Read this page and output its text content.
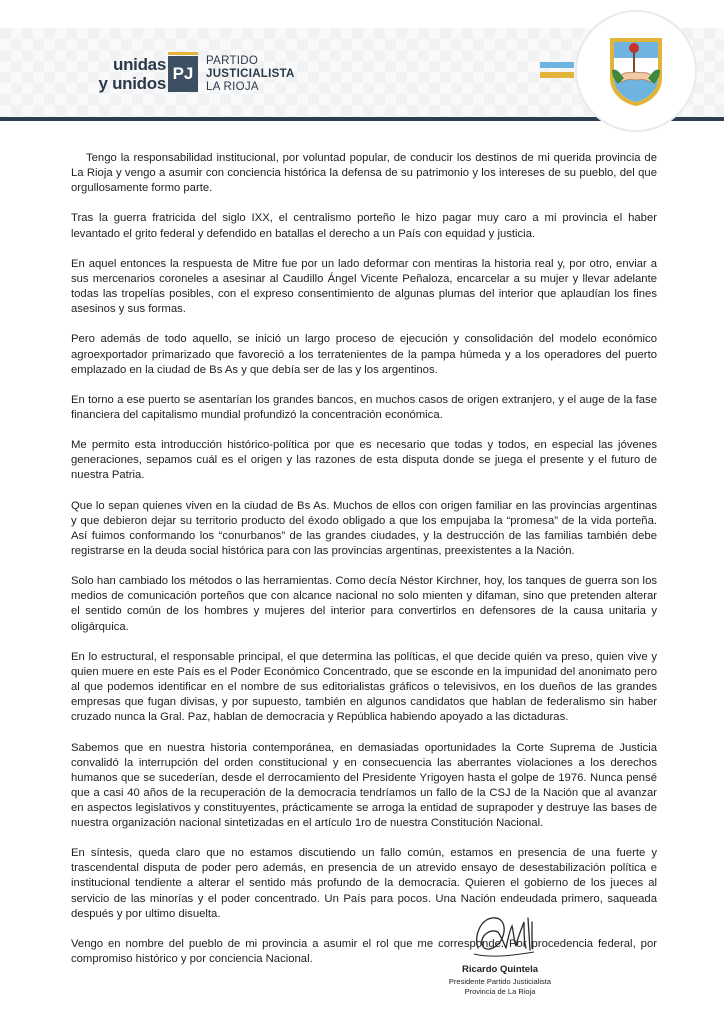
unidas
y unidos
PJ
PARTIDO
JUSTICIALISTA
LA RIOJA

Tengo la responsabilidad institucional, por voluntad popular, de conducir los destinos de mi querida provincia de La Rioja y vengo a asumir con conciencia histórica la defensa de su patrimonio y los intereses de su pueblo, del que orgullosamente formo parte.

Tras la guerra fratricida del siglo IXX, el centralismo porteño le hizo pagar muy caro a mi provincia el haber levantado el grito federal y defendido en batallas el derecho a un País con equidad y justicia.

En aquel entonces la respuesta de Mitre fue por un lado deformar con mentiras la historia real y, por otro, enviar a sus mercenarios coroneles a asesinar al Caudillo Ángel Vicente Peñaloza, encarcelar a su mujer y llevar adelante todas las tropelías posibles, con el expreso consentimiento de algunas plumas del interior que aplaudían los fines asesinos y sus formas.

Pero además de todo aquello, se inició un largo proceso de ejecución y consolidación del modelo económico agroexportador primarizado que favoreció a los terratenientes de la pampa húmeda y a los operadores del puerto emplazado en la ciudad de Bs As y que debía ser de las y los argentinos.

En torno a ese puerto se asentarían los grandes bancos, en muchos casos de origen extranjero, y el auge de la fase financiera del capitalismo mundial profundizó la concentración económica.

Me permito esta introducción histórico-política por que es necesario que todas y todos, en especial las jóvenes generaciones, sepamos cuál es el origen y las razones de esta disputa donde se juega el presente y el futuro de nuestra Patria.

Que lo sepan quienes viven en la ciudad de Bs As. Muchos de ellos con origen familiar en las provincias argentinas y que debieron dejar su territorio producto del éxodo obligado a que los empujaba la “promesa” de la vida porteña. Así fuimos conformando los “conurbanos” de las grandes ciudades, y la destrucción de las familias también debe registrarse en la deuda social histórica para con las provincias argentinas, preexistentes a la Nación.

Solo han cambiado los métodos o las herramientas. Como decía Néstor Kirchner, hoy, los tanques de guerra son los medios de comunicación porteños que con alcance nacional no solo mienten y difaman, sino que pretenden alterar el sentido común de los hombres y mujeres del interior para convertirlos en defensores de la causa unitaria y oligárquica.

En lo estructural, el responsable principal, el que determina las políticas, el que decide quién va preso, quien vive y quien muere en este País es el Poder Económico Concentrado, que se esconde en la impunidad del anonimato pero al que podemos identificar en el nombre de sus editorialistas gráficos o televisivos, en los dueños de las grandes empresas que fugan divisas, y por supuesto, también en algunos candidatos que hablan de federalismo sin haber cruzado nunca la Gral. Paz, hablan de democracia y República habiendo apoyado a las dictaduras.

Sabemos que en nuestra historia contemporánea, en demasiadas oportunidades la Corte Suprema de Justicia convalidó la interrupción del orden constitucional y en consecuencia las aberrantes violaciones a los derechos humanos que se sucederían, desde el derrocamiento del Presidente Yrigoyen hasta el golpe de 1976. Nunca pensé que a casi 40 años de la recuperación de la democracia tendríamos un fallo de la CSJ de la Nación que al avanzar en aspectos legislativos y constituyentes, prácticamente se arroga la entidad de suprapoder y destruye las bases de nuestra organización nacional sintetizadas en el artículo 1ro de nuestra Constitución Nacional.

En síntesis, queda claro que no estamos discutiendo un fallo común, estamos en presencia de una fuerte y trascendental disputa de poder pero además, en presencia de un atrevido ensayo de desestabilización política e institucional tendiente a alterar el sentido más profundo de la democracia. Quieren el gobierno de los jueces al servicio de las minorías y el poder concentrado. Un País para pocos. Una Nación endeudada primero, saqueada después y por ultimo disuelta.

Vengo en nombre del pueblo de mi provincia a asumir el rol que me corresponde. Por procedencia federal, por compromiso histórico y por conciencia Nacional.

Ricardo Quintela
Presidente Partido Justicialista
Provincia de La Rioja
